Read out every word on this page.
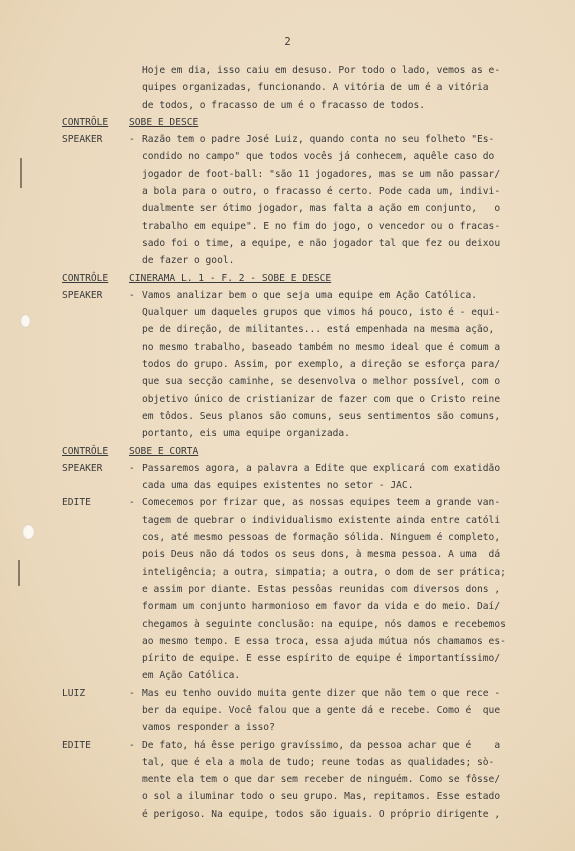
2
Hoje em dia, isso caiu em desuso. Por todo o lado, vemos as e-
quipes organizadas, funcionando. A vitória de um é a vitória
de todos, o fracasso de um é o fracasso de todos.
CONTRÔLE	SOBE E DESCE
SPEAKER	- Razão tem o padre José Luiz, quando conta no seu folheto "Es-
condido no campo" que todos vocês já conhecem, aquêle caso do
jogador de foot-ball: "são 11 jogadores, mas se um não passar/
a bola para o outro, o fracasso é certo. Pode cada um, indivi-
dualmente ser ótimo jogador, mas falta a ação em conjunto,   o
trabalho em equipe". E no fim do jogo, o vencedor ou o fracas-
sado foi o time, a equipe, e não jogador tal que fez ou deixou
de fazer o gool.
CONTRÔLE	CINERAMA L. 1 - F. 2 - SOBE E DESCE
SPEAKER	- Vamos analizar bem o que seja uma equipe em Ação Católica.
Qualquer um daqueles grupos que vimos há pouco, isto é - equi-
pe de direção, de militantes... está empenhada na mesma ação,
no mesmo trabalho, baseado também no mesmo ideal que é comum a
todos do grupo. Assim, por exemplo, a direção se esforça para/
que sua secção caminhe, se desenvolva o melhor possível, com o
objetivo único de cristianizar de fazer com que o Cristo reine
em tôdos. Seus planos são comuns, seus sentimentos são comuns,
portanto, eis uma equipe organizada.
CONTRÔLE	SOBE E CORTA
SPEAKER	- Passaremos agora, a palavra a Edite que explicará com exatidão
cada uma das equipes existentes no setor - JAC.
EDITE	- Comecemos por frizar que, as nossas equipes teem a grande van-
tagem de quebrar o individualismo existente ainda entre católi
cos, até mesmo pessoas de formação sólida. Ninguem é completo,
pois Deus não dá todos os seus dons, à mesma pessoa. A uma  dá
inteligência; a outra, simpatia; a outra, o dom de ser prática;
e assim por diante. Estas pessôas reunidas com diversos dons ,
formam um conjunto harmonioso em favor da vida e do meio. Daí/
chegamos à seguinte conclusão: na equipe, nós damos e recebemos
ao mesmo tempo. E essa troca, essa ajuda mútua nós chamamos es-
pírito de equipe. E esse espírito de equipe é importantíssimo/
em Ação Católica.
LUIZ	- Mas eu tenho ouvido muita gente dizer que não tem o que rece -
ber da equipe. Você falou que a gente dá e recebe. Como é  que
vamos responder a isso?
EDITE	- De fato, há êsse perigo gravíssimo, da pessoa achar que é    a
tal, que é ela a mola de tudo; reune todas as qualidades; sò-
mente ela tem o que dar sem receber de ninguém. Como se fôsse/
o sol a iluminar todo o seu grupo. Mas, repitamos. Esse estado
é perigoso. Na equipe, todos são iguais. O próprio dirigente ,
